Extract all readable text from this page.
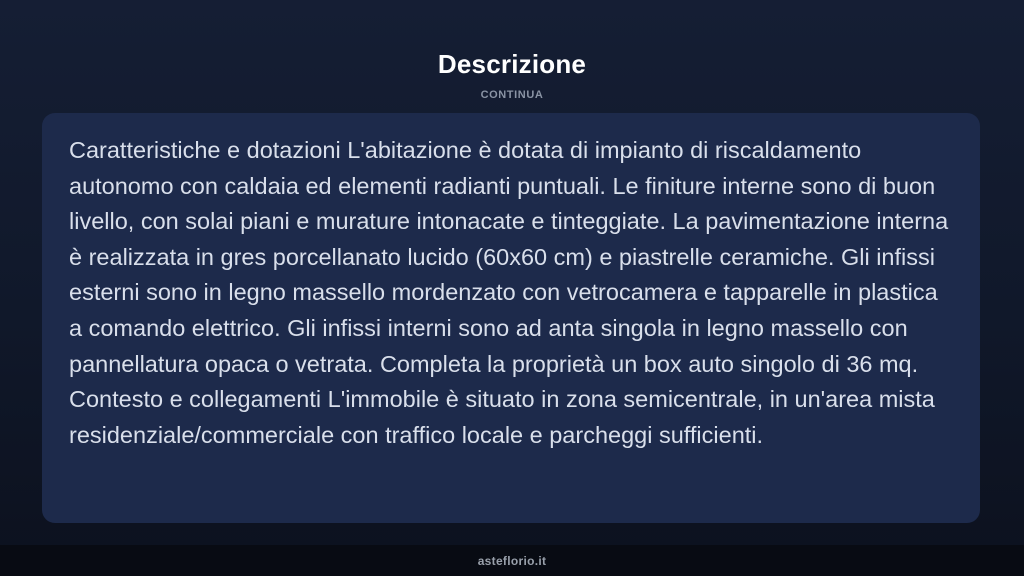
Descrizione
CONTINUA

Caratteristiche e dotazioni L'abitazione è dotata di impianto di riscaldamento autonomo con caldaia ed elementi radianti puntuali. Le finiture interne sono di buon livello, con solai piani e murature intonacate e tinteggiate. La pavimentazione interna è realizzata in gres porcellanato lucido (60x60 cm) e piastrelle ceramiche. Gli infissi esterni sono in legno massello mordenzato con vetrocamera e tapparelle in plastica a comando elettrico. Gli infissi interni sono ad anta singola in legno massello con pannellatura opaca o vetrata. Completa la proprietà un box auto singolo di 36 mq. Contesto e collegamenti L'immobile è situato in zona semicentrale, in un'area mista residenziale/commerciale con traffico locale e parcheggi sufficienti.

asteflorio.it
